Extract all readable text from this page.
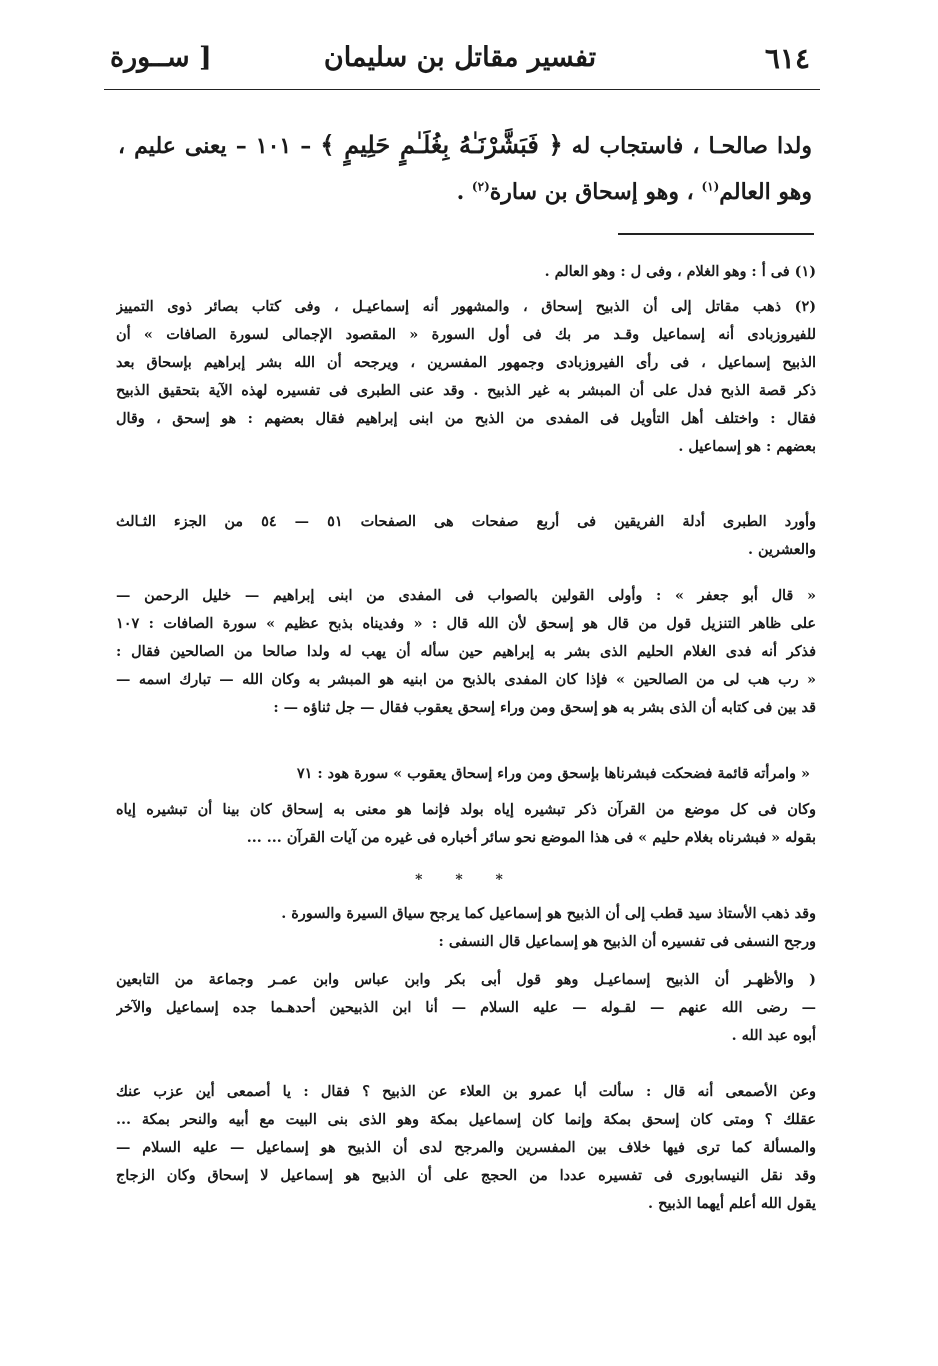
٦١٤
تفسير مقاتل بن سليمان
[ ســورة
ولدا صالحـا ، فاستجاب له ﴿ فَبَشَّرْنَـٰهُ بِغُلَـٰمٍ حَلِيمٍ ﴾ – ١٠١ – يعنى عليم ،
وهو العالم$^{(١)}$ ، وهو إسحاق بن سارة$^{(٢)}$ .
(١) فى أ : وهو الغلام ، وفى ل : وهو العالم .
(٢) ذهب مقاتل إلى أن الذبيح إسحاق ، والمشهور أنه إسماعيـل ، وفى كتاب بصائر ذوى التمييز
للفيروزبادى أنه إسماعيل وقـد مر بك فى أول السورة « المقصود الإجمالى لسورة الصافات » أن
الذبيح إسماعيل ، فى رأى الفيروزبادى وجمهور المفسرين ، ويرجحه أن الله بشر إبراهيم بإسحاق بعد
ذكر قصة الذبح فدل على أن المبشر به غير الذبيح . وقد عنى الطبرى فى تفسيره لهذه الآية بتحقيق الذبيح
فقال : واختلف أهل التأويل فى المفدى من الذبح من ابنى إبراهيم فقال بعضهم : هو إسحق ، وقال
بعضهم : هو إسماعيل .
وأورد الطبرى أدلة الفريقين فى أربع صفحات هى الصفحات ٥١ — ٥٤ من الجزء الثـالث
والعشرين .
« قال أبو جعفر » : وأولى القولين بالصواب فى المفدى من ابنى إبراهيم — خليل الرحمن —
على ظاهر التنزيل قول من قال هو إسحق لأن الله قال : « وفديناه بذبح عظيم » سورة الصافات : ١٠٧
فذكر أنه فدى الغلام الحليم الذى بشر به إبراهيم حين سأله أن يهب له ولدا صالحا من الصالحين فقال :
« رب هب لى من الصالحين » فإذا كان المفدى بالذبح من ابنيه هو المبشر به وكان الله — تبارك اسمه —
قد بين فى كتابه أن الذى بشر به هو إسحق ومن وراء إسحق يعقوب فقال — جل ثناؤه — :
« وامرأته قائمة فضحكت فبشرناها بإسحق ومن وراء إسحاق يعقوب » سورة هود : ٧١
وكان فى كل موضع من القرآن ذكر تبشيره إياه بولد فإنما هو معنى به إسحاق كان بينا أن تبشيره إياه
بقوله « فبشرناه بغلام حليم » فى هذا الموضع نحو سائر أخباره فى غيره من آيات القرآن ... ...
* * *
وقد ذهب الأستاذ سيد قطب إلى أن الذبيح هو إسماعيل كما يرجح سياق السيرة والسورة .
ورجح النسفى فى تفسيره أن الذبيح هو إسماعيل قال النسفى :
( والأظهـر أن الذبيح إسماعيـل وهو قول أبى بكر وابن عباس وابن عمـر وجماعة من التابعين
— رضى الله عنهم — لقـوله — عليه السلام — أنا ابن الذبيحين أحدهـما جده إسماعيل والآخر
أبوه عبد الله .
وعن الأصمعى أنه قال : سألت أبا عمرو بن العلاء عن الذبيح ؟ فقال : يا أصمعى أين عزب عنك
عقلك ؟ ومتى كان إسحق بمكة وإنما كان إسماعيل بمكة وهو الذى بنى البيت مع أبيه والنحر بمكة ...
والمسألة كما ترى فيها خلاف بين المفسرين والمرجح لدى أن الذبيح هو إسماعيل — عليه السلام —
وقد نقل النيسابورى فى تفسيره عددا من الحجج على أن الذبيح هو إسماعيل لا إسحاق وكان الزجاج
يقول الله أعلم أيهما الذبيح .
